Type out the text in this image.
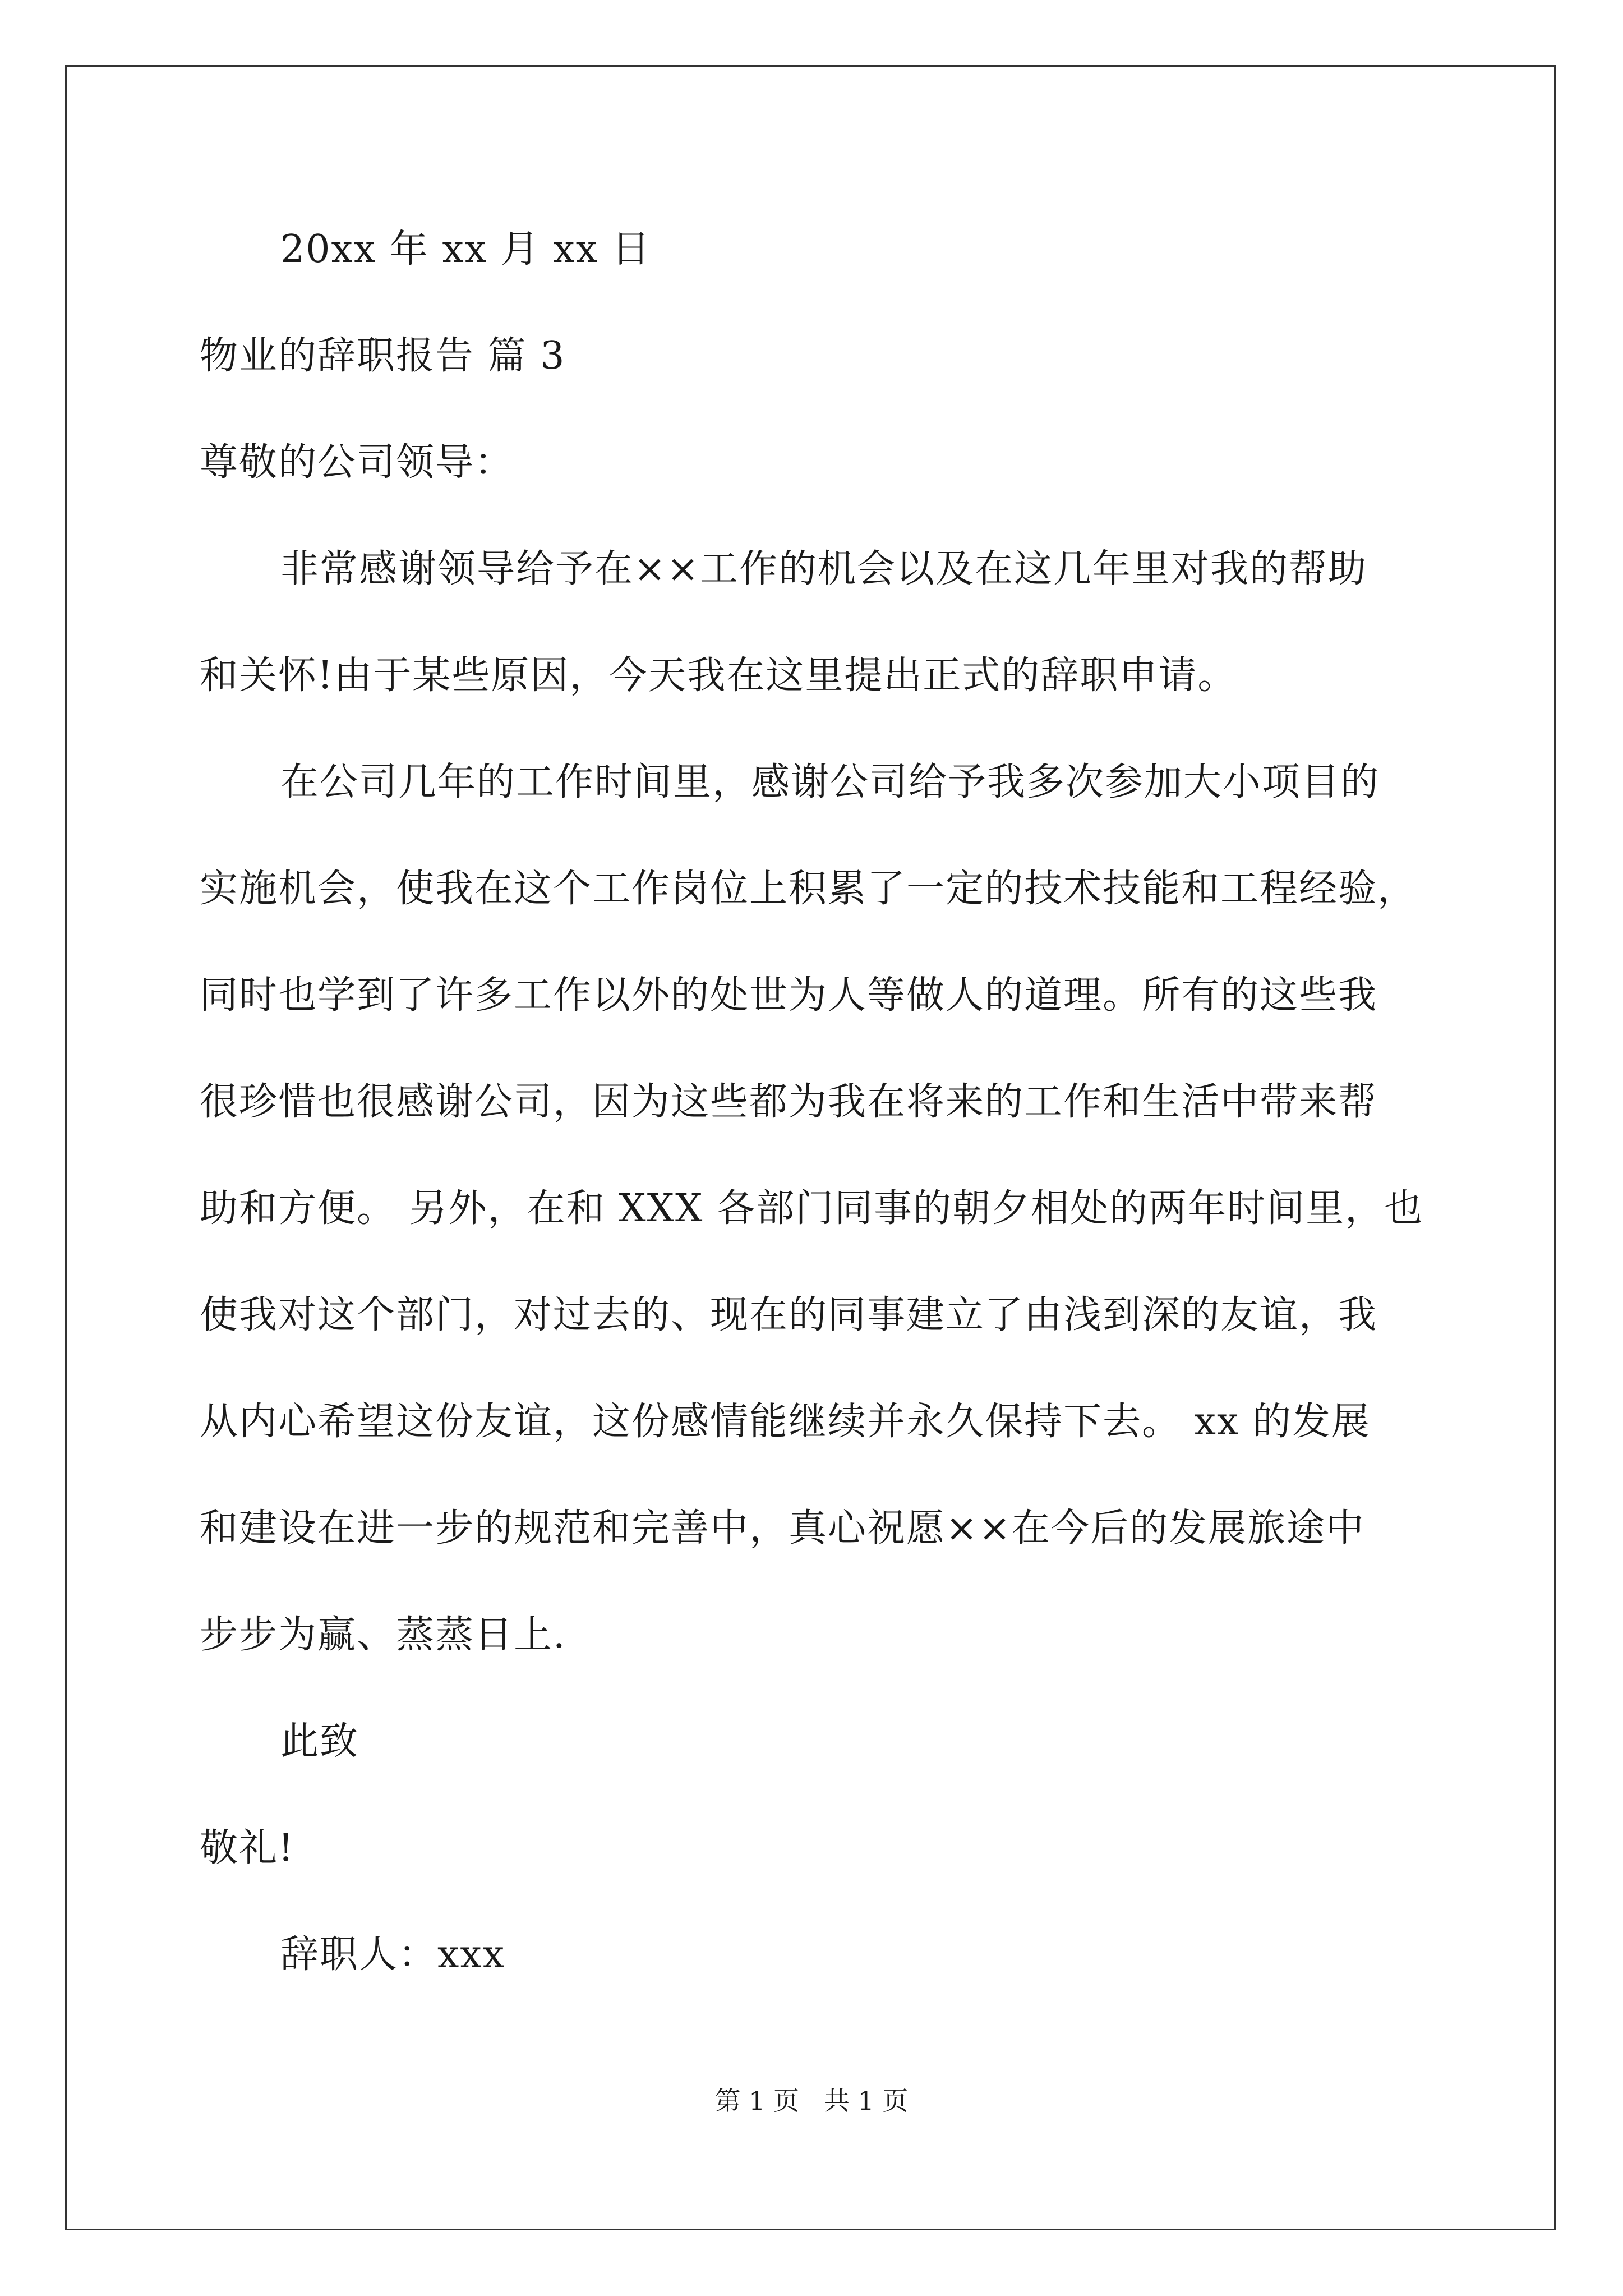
20xx 年 xx 月 xx 日

物业的辞职报告 篇 3

尊敬的公司领导：

非常感谢领导给予在××工作的机会以及在这几年里对我的帮助

和关怀!由于某些原因，今天我在这里提出正式的辞职申请。

在公司几年的工作时间里，感谢公司给予我多次参加大小项目的

实施机会，使我在这个工作岗位上积累了一定的技术技能和工程经验，

同时也学到了许多工作以外的处世为人等做人的道理。所有的这些我

很珍惜也很感谢公司，因为这些都为我在将来的工作和生活中带来帮

助和方便。 另外，在和 XXX 各部门同事的朝夕相处的两年时间里，也

使我对这个部门，对过去的、现在的同事建立了由浅到深的友谊，我

从内心希望这份友谊，这份感情能继续并永久保持下去。 xx 的发展

和建设在进一步的规范和完善中，真心祝愿××在今后的发展旅途中

步步为赢、蒸蒸日上.

此致

敬礼!

辞职人：xxx

第 1 页   共 1 页
